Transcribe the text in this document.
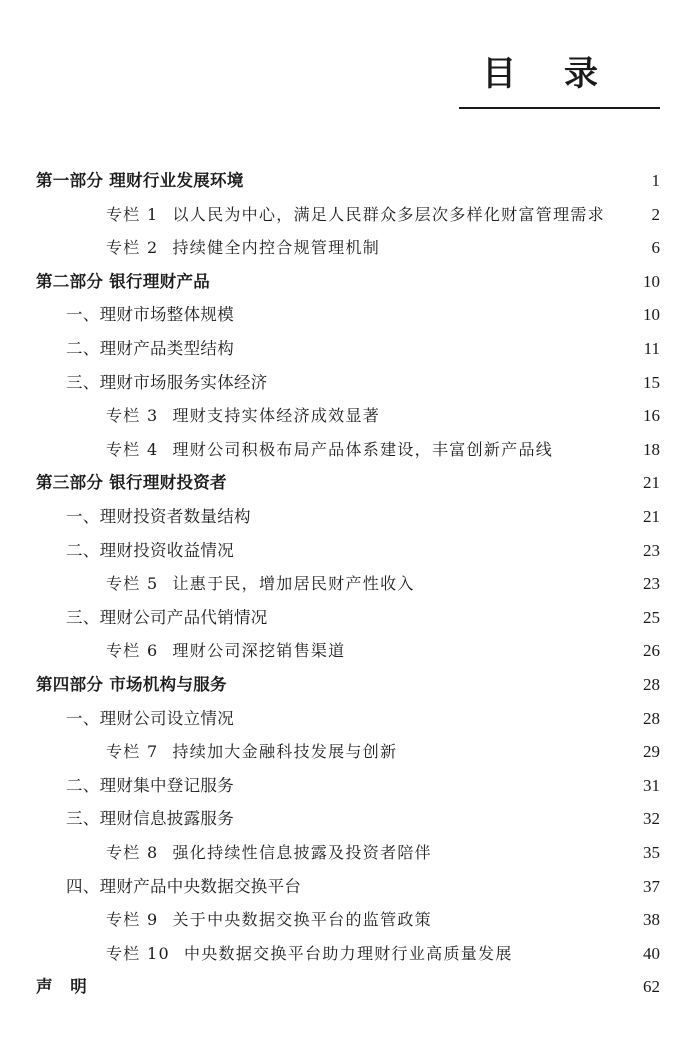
目 录
第一部分 理财行业发展环境	1
专栏 1 以人民为中心，满足人民群众多层次多样化财富管理需求	2
专栏 2 持续健全内控合规管理机制	6
第二部分 银行理财产品	10
一、理财市场整体规模	10
二、理财产品类型结构	11
三、理财市场服务实体经济	15
专栏 3 理财支持实体经济成效显著	16
专栏 4 理财公司积极布局产品体系建设，丰富创新产品线	18
第三部分 银行理财投资者	21
一、理财投资者数量结构	21
二、理财投资收益情况	23
专栏 5 让惠于民，增加居民财产性收入	23
三、理财公司产品代销情况	25
专栏 6 理财公司深挖销售渠道	26
第四部分 市场机构与服务	28
一、理财公司设立情况	28
专栏 7 持续加大金融科技发展与创新	29
二、理财集中登记服务	31
三、理财信息披露服务	32
专栏 8 强化持续性信息披露及投资者陪伴	35
四、理财产品中央数据交换平台	37
专栏 9 关于中央数据交换平台的监管政策	38
专栏 10 中央数据交换平台助力理财行业高质量发展	40
声 明	62
